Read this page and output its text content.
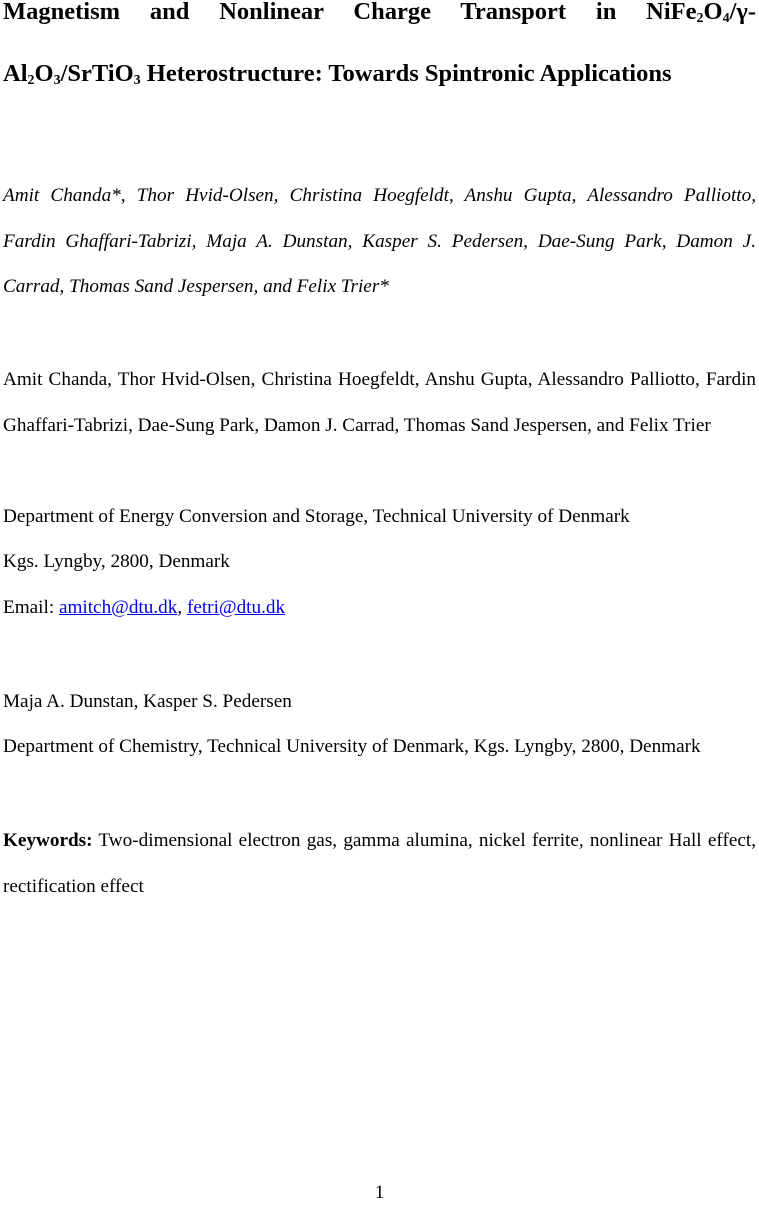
Magnetism and Nonlinear Charge Transport in $NiFe_2O_4/\gamma-$
$Al_2O_3/SrTiO_3$ Heterostructure: Towards Spintronic Applications

Amit Chanda*, Thor Hvid-Olsen, Christina Hoegfeldt, Anshu Gupta, Alessandro Palliotto, Fardin Ghaffari-Tabrizi, Maja A. Dunstan, Kasper S. Pedersen, Dae-Sung Park, Damon J. Carrad, Thomas Sand Jespersen, and Felix Trier*

Amit Chanda, Thor Hvid-Olsen, Christina Hoegfeldt, Anshu Gupta, Alessandro Palliotto, Fardin Ghaffari-Tabrizi, Dae-Sung Park, Damon J. Carrad, Thomas Sand Jespersen, and Felix Trier

Department of Energy Conversion and Storage, Technical University of Denmark

Kgs. Lyngby, 2800, Denmark

Email: amitch@dtu.dk, fetri@dtu.dk

Maja A. Dunstan, Kasper S. Pedersen

Department of Chemistry, Technical University of Denmark, Kgs. Lyngby, 2800, Denmark

Keywords: Two-dimensional electron gas, gamma alumina, nickel ferrite, nonlinear Hall effect, rectification effect

1
